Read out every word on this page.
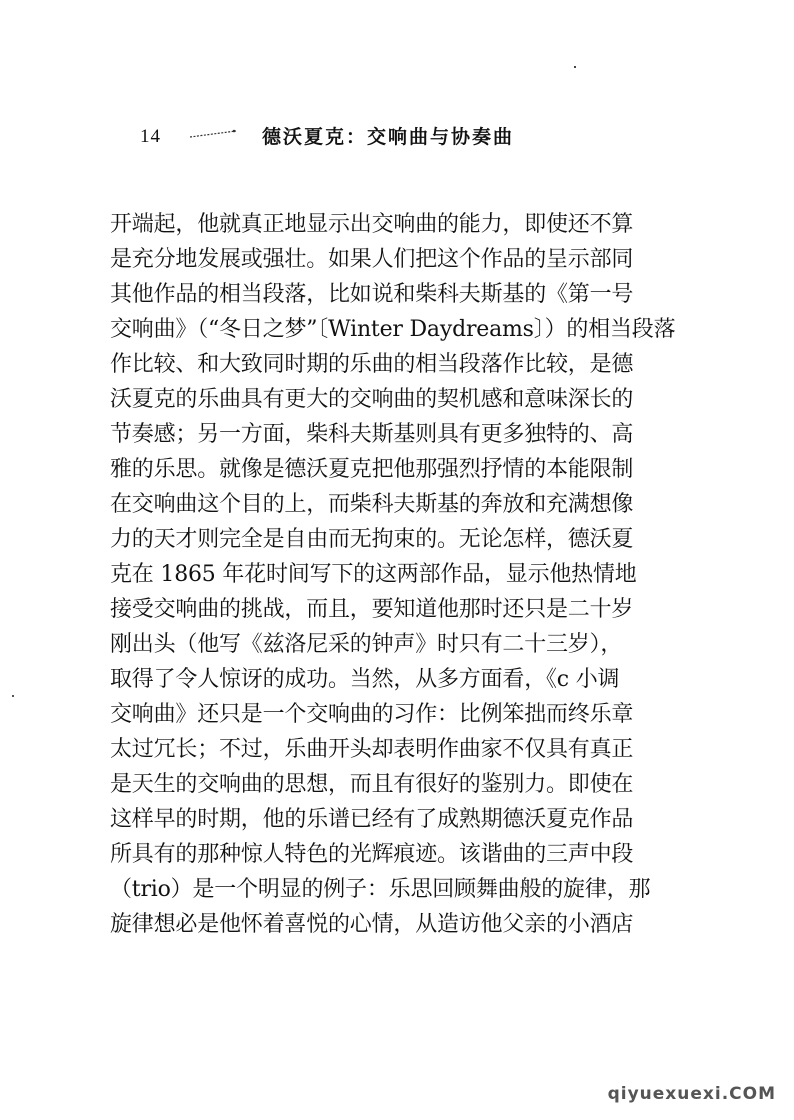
14	德沃夏克：交响曲与协奏曲
开端起，他就真正地显示出交响曲的能力，即使还不算
是充分地发展或强壮。如果人们把这个作品的呈示部同
其他作品的相当段落，比如说和柴科夫斯基的《第一号
交响曲》（“冬日之梦”〔Winter Daydreams〕）的相当段落
作比较、和大致同时期的乐曲的相当段落作比较，是德
沃夏克的乐曲具有更大的交响曲的契机感和意味深长的
节奏感；另一方面，柴科夫斯基则具有更多独特的、高
雅的乐思。就像是德沃夏克把他那强烈抒情的本能限制
在交响曲这个目的上，而柴科夫斯基的奔放和充满想像
力的天才则完全是自由而无拘束的。无论怎样，德沃夏
克在 1865 年花时间写下的这两部作品，显示他热情地
接受交响曲的挑战，而且，要知道他那时还只是二十岁
刚出头（他写《兹洛尼采的钟声》时只有二十三岁），
取得了令人惊讶的成功。当然，从多方面看，《c 小调
交响曲》还只是一个交响曲的习作：比例笨拙而终乐章
太过冗长；不过，乐曲开头却表明作曲家不仅具有真正
是天生的交响曲的思想，而且有很好的鉴别力。即使在
这样早的时期，他的乐谱已经有了成熟期德沃夏克作品
所具有的那种惊人特色的光辉痕迹。该谐曲的三声中段
（trio）是一个明显的例子：乐思回顾舞曲般的旋律，那
旋律想必是他怀着喜悦的心情，从造访他父亲的小酒店
qiyuexuexi.COM
